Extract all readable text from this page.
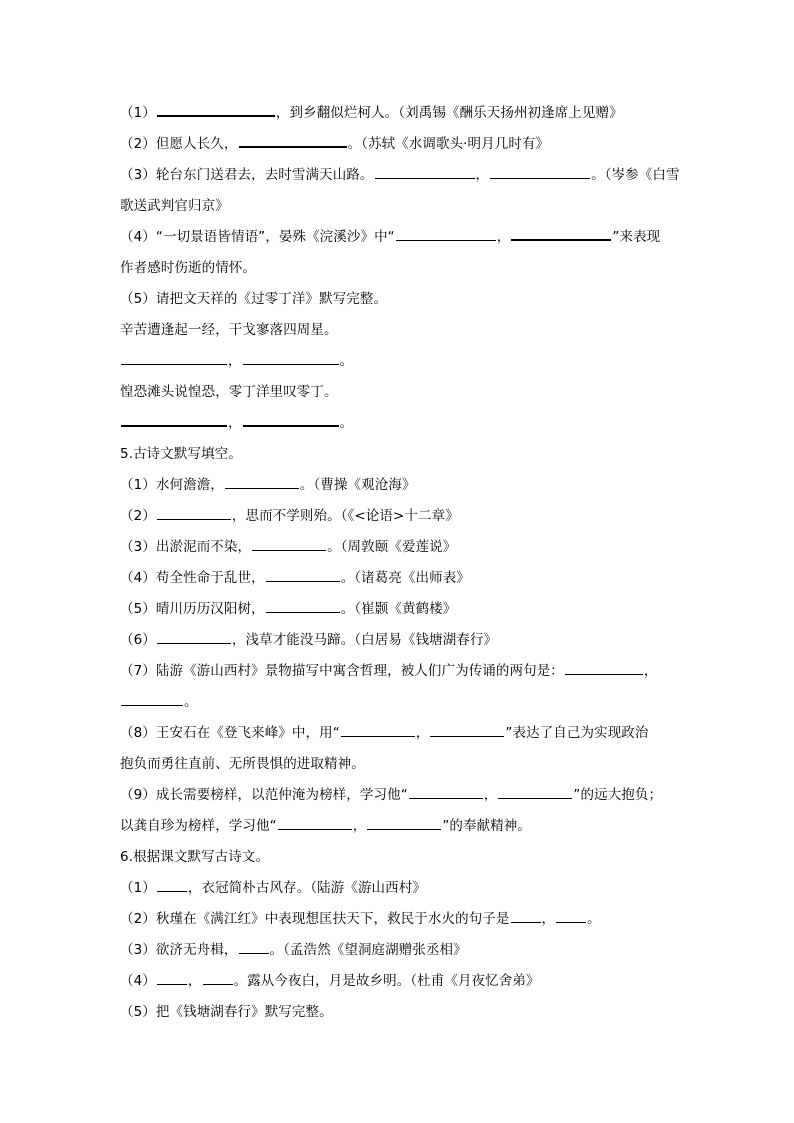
（1）	，到乡翻似烂柯人。（刘禹锡《酬乐天扬州初逢席上见赠》
（2）但愿人长久，	。（苏轼《水调歌头·明月几时有》
（3）轮台东门送君去，去时雪满天山路。	，	。（岑参《白雪
歌送武判官归京》
（4）“一切景语皆情语”，晏殊《浣溪沙》中“	，	”来表现
作者感时伤逝的情怀。
（5）请把文天祥的《过零丁洋》默写完整。
辛苦遭逢起一经，干戈寥落四周星。
，	。
惶恐滩头说惶恐，零丁洋里叹零丁。
，	。
5.古诗文默写填空。
（1）水何澹澹，	。（曹操《观沧海》
（2）	，思而不学则殆。（《<论语>十二章》
（3）出淤泥而不染，	。（周敦颐《爱莲说》
（4）苟全性命于乱世，	。（诸葛亮《出师表》
（5）晴川历历汉阳树，	。（崔颢《黄鹤楼》
（6）	，浅草才能没马蹄。（白居易《钱塘湖春行》
（7）陆游《游山西村》景物描写中寓含哲理，被人们广为传诵的两句是：	，
。
（8）王安石在《登飞来峰》中，用“	，	”表达了自己为实现政治
抱负而勇往直前、无所畏惧的进取精神。
（9）成长需要榜样，以范仲淹为榜样，学习他“	，	”的远大抱负；
以龚自珍为榜样，学习他“	，	”的奉献精神。
6.根据课文默写古诗文。
（1） ，衣冠简朴古风存。（陆游《游山西村》
（2）秋瑾在《满江红》中表现想匡扶天下，救民于水火的句子是 ， 。
（3）欲济无舟楫， 。（孟浩然《望洞庭湖赠张丞相》
（4） ， 。露从今夜白，月是故乡明。（杜甫《月夜忆舍弟》
（5）把《钱塘湖春行》默写完整。
